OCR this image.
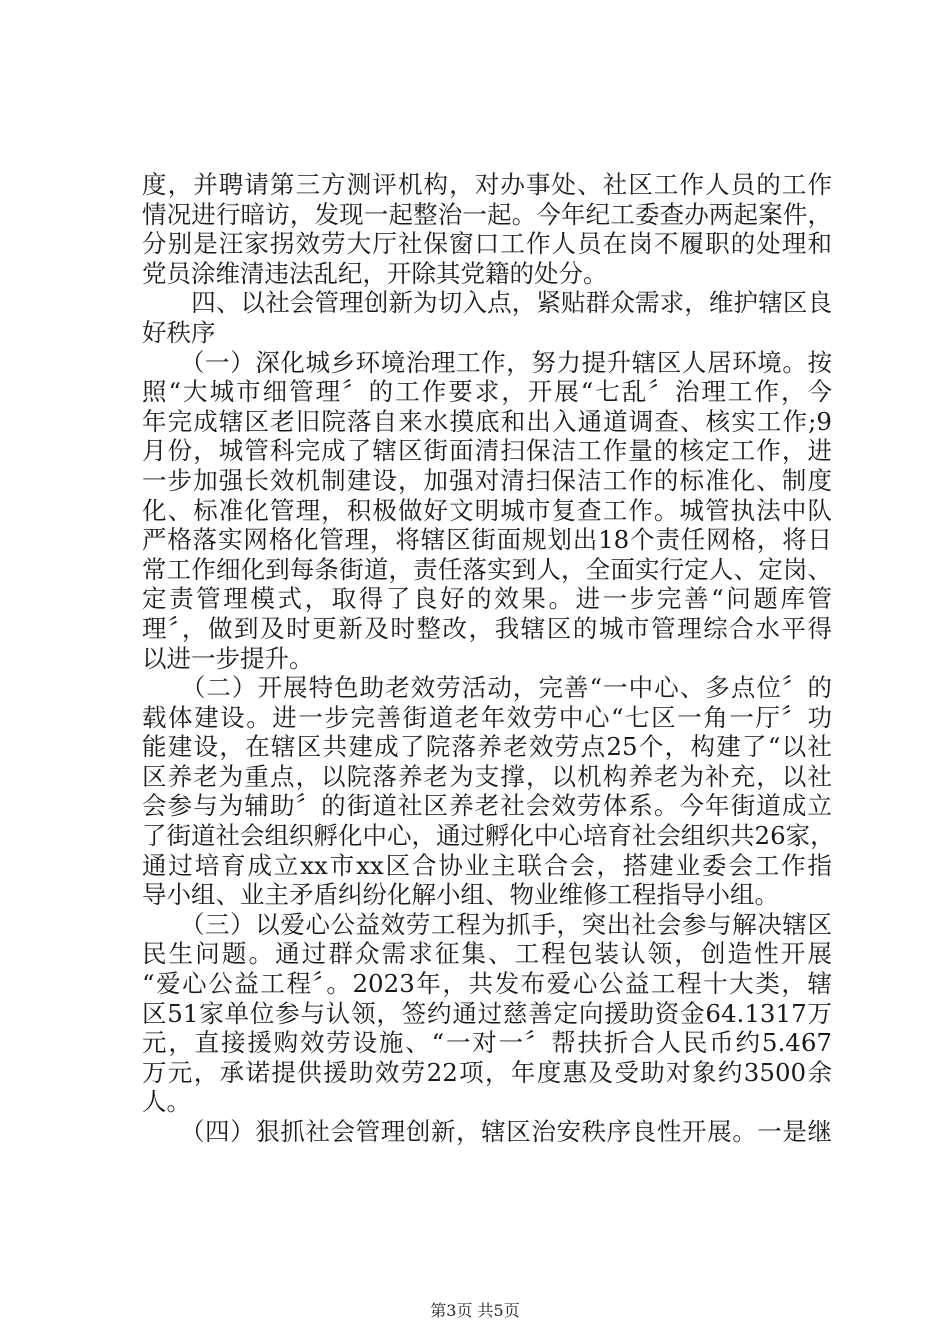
度，并聘请第三方测评机构，对办事处、社区工作人员的工作
情况进行暗访，发现一起整治一起。今年纪工委查办两起案件，
分别是汪家拐效劳大厅社保窗口工作人员在岗不履职的处理和
党员涂维清违法乱纪，开除其党籍的处分。
　　四、以社会管理创新为切入点，紧贴群众需求，维护辖区良
好秩序
　　（一）深化城乡环境治理工作，努力提升辖区人居环境。按
照“大城市细管理〞的工作要求，开展“七乱〞治理工作，今
年完成辖区老旧院落自来水摸底和出入通道调查、核实工作;9
月份，城管科完成了辖区街面清扫保洁工作量的核定工作，进
一步加强长效机制建设，加强对清扫保洁工作的标准化、制度
化、标准化管理，积极做好文明城市复查工作。城管执法中队
严格落实网格化管理，将辖区街面规划出18个责任网格，将日
常工作细化到每条街道，责任落实到人，全面实行定人、定岗、
定责管理模式，取得了良好的效果。进一步完善“问题库管
理〞，做到及时更新及时整改，我辖区的城市管理综合水平得
以进一步提升。
　　（二）开展特色助老效劳活动，完善“一中心、多点位〞的
载体建设。进一步完善街道老年效劳中心“七区一角一厅〞功
能建设，在辖区共建成了院落养老效劳点25个，构建了“以社
区养老为重点，以院落养老为支撑，以机构养老为补充，以社
会参与为辅助〞的街道社区养老社会效劳体系。今年街道成立
了街道社会组织孵化中心，通过孵化中心培育社会组织共26家，
通过培育成立xx市xx区合协业主联合会，搭建业委会工作指
导小组、业主矛盾纠纷化解小组、物业维修工程指导小组。
　　（三）以爱心公益效劳工程为抓手，突出社会参与解决辖区
民生问题。通过群众需求征集、工程包装认领，创造性开展
“爱心公益工程〞。2023年，共发布爱心公益工程十大类，辖
区51家单位参与认领，签约通过慈善定向援助资金64.1317万
元，直接援购效劳设施、“一对一〞帮扶折合人民币约5.467
万元，承诺提供援助效劳22项，年度惠及受助对象约3500余
人。
　　（四）狠抓社会管理创新，辖区治安秩序良性开展。一是继
第3页 共5页
